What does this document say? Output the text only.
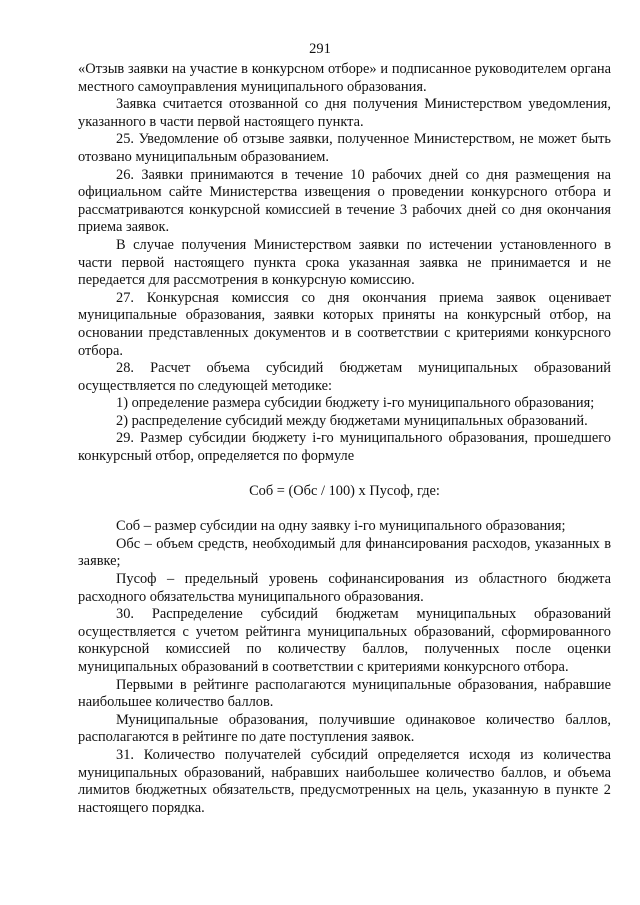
291

«Отзыв заявки на участие в конкурсном отборе» и подписанное руководителем органа местного самоуправления муниципального образования.

Заявка считается отозванной со дня получения Министерством уведомления, указанного в части первой настоящего пункта.

25. Уведомление об отзыве заявки, полученное Министерством, не может быть отозвано муниципальным образованием.

26. Заявки принимаются в течение 10 рабочих дней со дня размещения на официальном сайте Министерства извещения о проведении конкурсного отбора и рассматриваются конкурсной комиссией в течение 3 рабочих дней со дня окончания приема заявок.

В случае получения Министерством заявки по истечении установленного в части первой настоящего пункта срока указанная заявка не принимается и не передается для рассмотрения в конкурсную комиссию.

27. Конкурсная комиссия со дня окончания приема заявок оценивает муниципальные образования, заявки которых приняты на конкурсный отбор, на основании представленных документов и в соответствии с критериями конкурсного отбора.

28. Расчет объема субсидий бюджетам муниципальных образований осуществляется по следующей методике:

1) определение размера субсидии бюджету i-го муниципального образования;

2) распределение субсидий между бюджетами муниципальных образований.

29. Размер субсидии бюджету i-го муниципального образования, прошедшего конкурсный отбор, определяется по формуле

Соб = (Обс / 100) х Пусоф, где:

Соб – размер субсидии на одну заявку i-го муниципального образования;

Обс – объем средств, необходимый для финансирования расходов, указанных в заявке;

Пусоф – предельный уровень софинансирования из областного бюджета расходного обязательства муниципального образования.

30. Распределение субсидий бюджетам муниципальных образований осуществляется с учетом рейтинга муниципальных образований, сформированного конкурсной комиссией по количеству баллов, полученных после оценки муниципальных образований в соответствии с критериями конкурсного отбора.

Первыми в рейтинге располагаются муниципальные образования, набравшие наибольшее количество баллов.

Муниципальные образования, получившие одинаковое количество баллов, располагаются в рейтинге по дате поступления заявок.

31. Количество получателей субсидий определяется исходя из количества муниципальных образований, набравших наибольшее количество баллов, и объема лимитов бюджетных обязательств, предусмотренных на цель, указанную в пункте 2 настоящего порядка.
